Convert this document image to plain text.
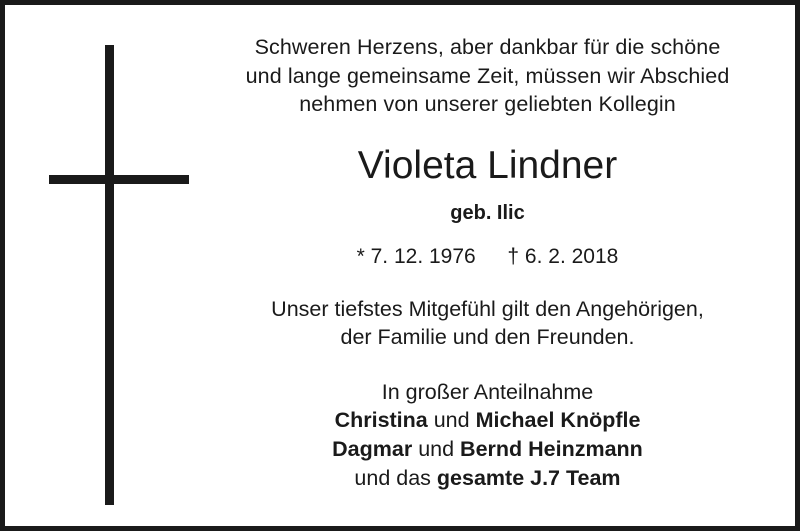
Schweren Herzens, aber dankbar für die schöne
und lange gemeinsame Zeit, müssen wir Abschied
nehmen von unserer geliebten Kollegin
Violeta Lindner
geb. Ilic
* 7. 12. 1976 † 6. 2. 2018
Unser tiefstes Mitgefühl gilt den Angehörigen,
der Familie und den Freunden.
In großer Anteilnahme
Christina und Michael Knöpfle
Dagmar und Bernd Heinzmann
und das gesamte J.7 Team
